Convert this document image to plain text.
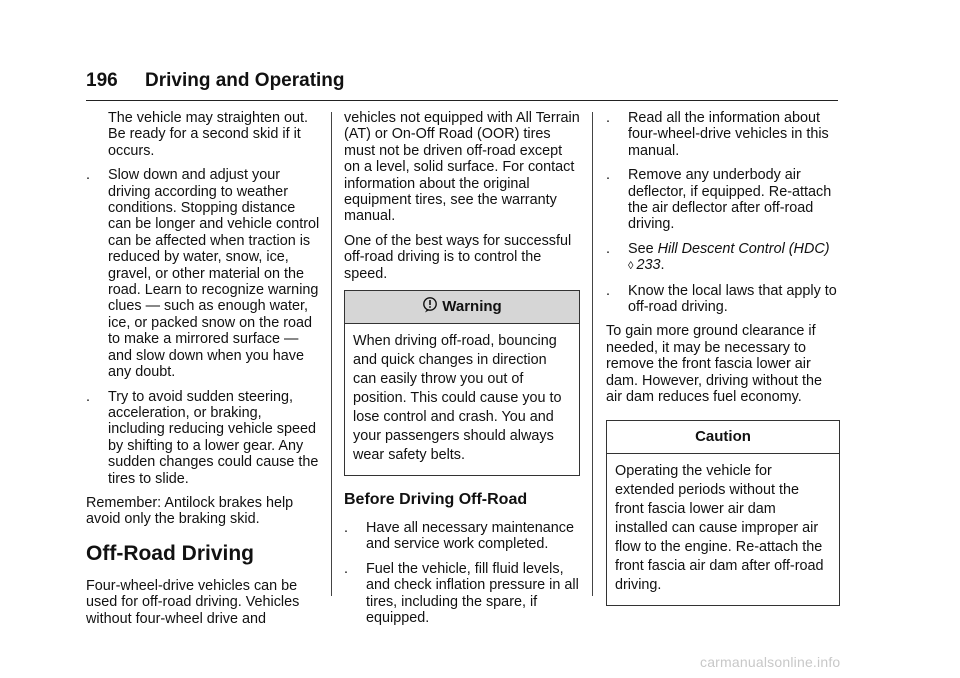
196 Driving and Operating

The vehicle may straighten out. Be ready for a second skid if it occurs.

. Slow down and adjust your driving according to weather conditions. Stopping distance can be longer and vehicle control can be affected when traction is reduced by water, snow, ice, gravel, or other material on the road. Learn to recognize warning clues — such as enough water, ice, or packed snow on the road to make a mirrored surface — and slow down when you have any doubt.
. Try to avoid sudden steering, acceleration, or braking, including reducing vehicle speed by shifting to a lower gear. Any sudden changes could cause the tires to slide.

Remember: Antilock brakes help avoid only the braking skid.

Off-Road Driving

Four-wheel-drive vehicles can be used for off-road driving. Vehicles without four-wheel drive and

vehicles not equipped with All Terrain (AT) or On-Off Road (OOR) tires must not be driven off-road except on a level, solid surface. For contact information about the original equipment tires, see the warranty manual.

One of the best ways for successful off-road driving is to control the speed.

Warning
When driving off-road, bouncing and quick changes in direction can easily throw you out of position. This could cause you to lose control and crash. You and your passengers should always wear safety belts.
Before Driving Off-Road
. Have all necessary maintenance and service work completed.
. Fuel the vehicle, fill fluid levels, and check inflation pressure in all tires, including the spare, if equipped.
. Read all the information about four-wheel-drive vehicles in this manual.
. Remove any underbody air deflector, if equipped. Re-attach the air deflector after off-road driving.
. See Hill Descent Control (HDC)
◊ 233.
. Know the local laws that apply to off-road driving.

To gain more ground clearance if needed, it may be necessary to remove the front fascia lower air dam. However, driving without the air dam reduces fuel economy.

Caution
Operating the vehicle for extended periods without the front fascia lower air dam installed can cause improper air flow to the engine. Re-attach the front fascia air dam after off-road driving.
carmanualsonline.info
